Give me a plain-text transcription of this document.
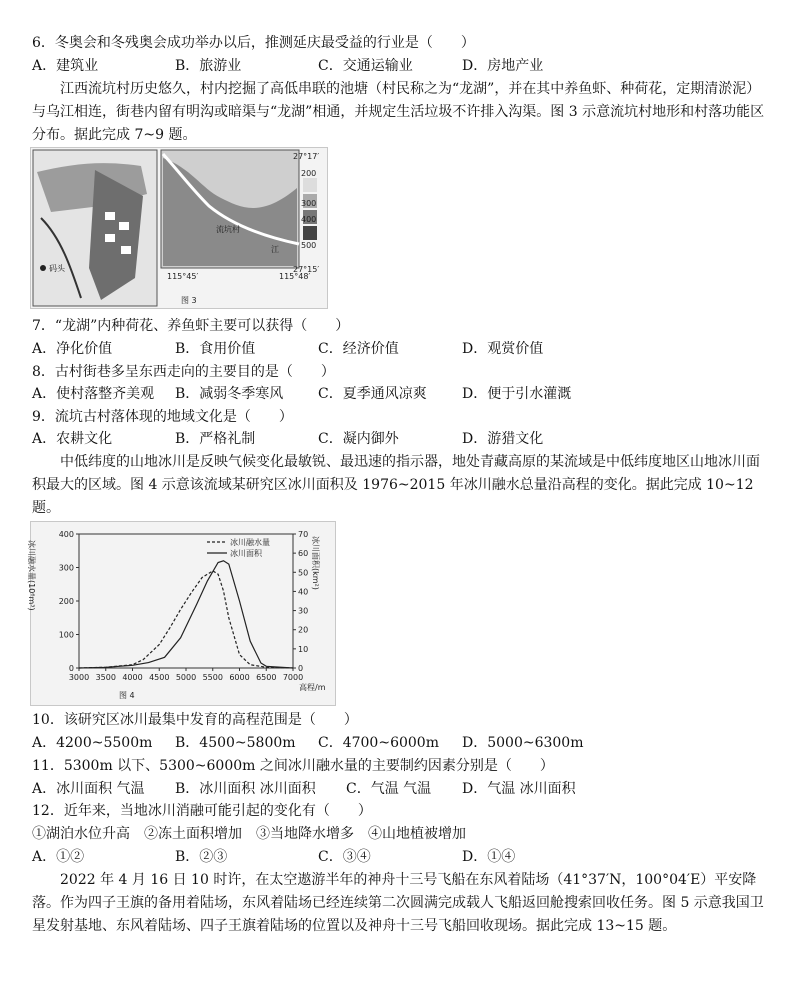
6．冬奥会和冬残奥会成功举办以后，推测延庆最受益的行业是（　　）
A．建筑业	B．旅游业	C．交通运输业	D．房地产业
江西流坑村历史悠久，村内挖掘了高低串联的池塘（村民称之为“龙湖”，并在其中养鱼虾、种荷花，定期清淤泥）与乌江相连，街巷内留有明沟或暗渠与“龙湖”相通，并规定生活垃圾不许排入沟渠。图 3 示意流坑村地形和村落功能区分布。据此完成 7~9 题。
码头
流坑村
江
200
300
400
500
27°17′
27°15′
115°45′	115°48′
图 3
7．“龙湖”内种荷花、养鱼虾主要可以获得（　　）
A．净化价值	B．食用价值	C．经济价值	D．观赏价值
8．古村街巷多呈东西走向的主要目的是（　　）
A．使村落整齐美观 B．减弱冬季寒风 C．夏季通风凉爽	D．便于引水灌溉
9．流坑古村落体现的地域文化是（　　）
A．农耕文化	B．严格礼制	C．凝内御外	D．游猎文化
中低纬度的山地冰川是反映气候变化最敏锐、最迅速的指示器，地处青藏高原的某流域是中低纬度地区山地冰川面积最大的区域。图 4 示意该流域某研究区冰川面积及 1976~2015 年冰川融水总量沿高程的变化。据此完成 10~12 题。
0
100
200
300
400
0
10
20
30
40
50
60
70
3000 3500 4000 4500 5000 5500 6000 6500 7000
冰川融水量(10⁶m³)	冰川面积(km²)
高程/m
图 4
冰川融水量
冰川面积
10．该研究区冰川最集中发育的高程范围是（　　）
A．4200~5500m B．4500~5800m C．4700~6000m D．5000~6300m
11．5300m 以下、5300~6000m 之间冰川融水量的主要制约因素分别是（　　）
A．冰川面积 气温 B．冰川面积 冰川面积 C．气温 气温 D．气温 冰川面积
12．近年来，当地冰川消融可能引起的变化有（　　）
①湖泊水位升高　②冻土面积增加　③当地降水增多　④山地植被增加
A．①②	B．②③	C．③④	D．①④
2022 年 4 月 16 日 10 时许，在太空遨游半年的神舟十三号飞船在东风着陆场（41°37′N，100°04′E）平安降落。作为四子王旗的备用着陆场，东风着陆场已经连续第二次圆满完成载人飞船返回舱搜索回收任务。图 5 示意我国卫星发射基地、东风着陆场、四子王旗着陆场的位置以及神舟十三号飞船回收现场。据此完成 13~15 题。
